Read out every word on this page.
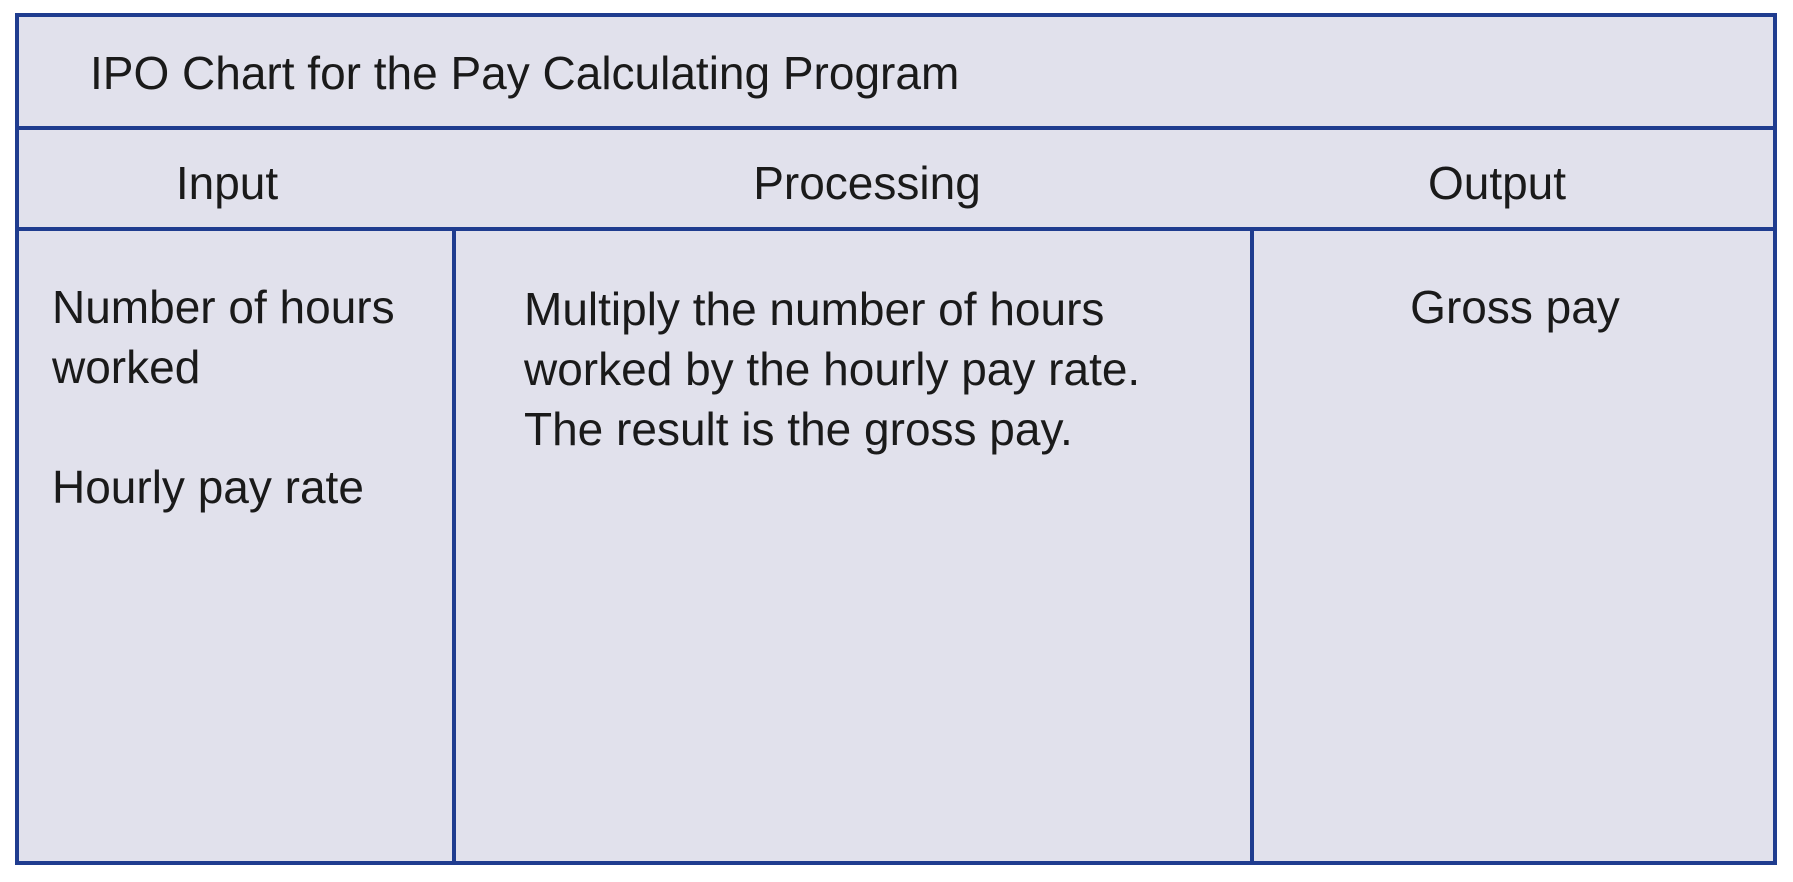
IPO Chart for the Pay Calculating Program
Input	Processing	Output
Number of hours worked
Hourly pay rate
Multiply the number of hours worked by the hourly pay rate. The result is the gross pay.
Gross pay
